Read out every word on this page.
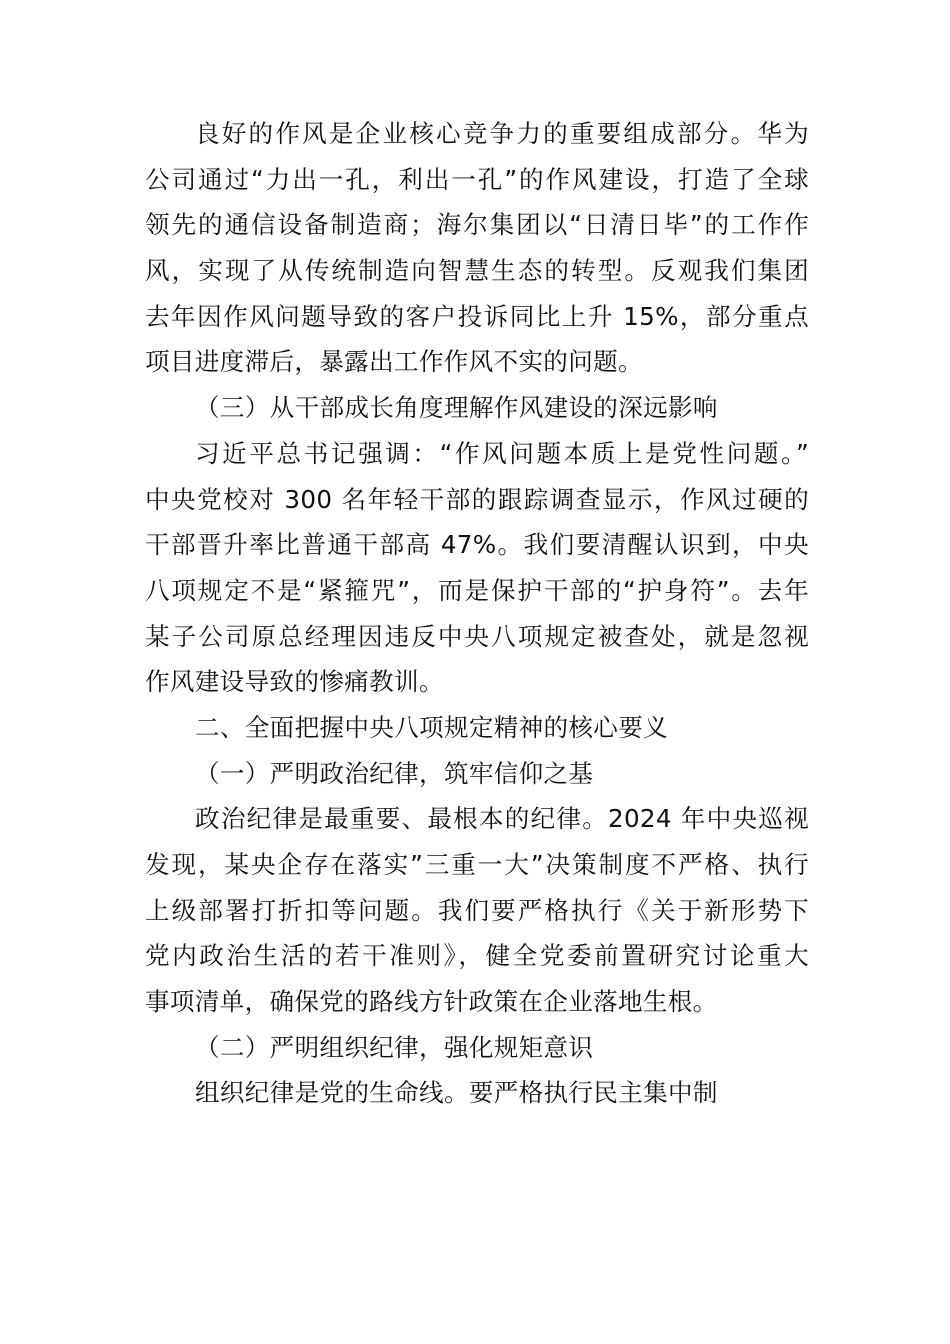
良好的作风是企业核心竞争力的重要组成部分。华为
公司通过“力出一孔，利出一孔”的作风建设，打造了全球
领先的通信设备制造商；海尔集团以“日清日毕”的工作作
风，实现了从传统制造向智慧生态的转型。反观我们集团
去年因作风问题导致的客户投诉同比上升 15%，部分重点
项目进度滞后，暴露出工作作风不实的问题。
（三）从干部成长角度理解作风建设的深远影响
习近平总书记强调：“作风问题本质上是党性问题。”
中央党校对 300 名年轻干部的跟踪调查显示，作风过硬的
干部晋升率比普通干部高 47%。我们要清醒认识到，中央
八项规定不是“紧箍咒”，而是保护干部的“护身符”。去年
某子公司原总经理因违反中央八项规定被查处，就是忽视
作风建设导致的惨痛教训。
二、全面把握中央八项规定精神的核心要义
（一）严明政治纪律，筑牢信仰之基
政治纪律是最重要、最根本的纪律。2024 年中央巡视
发现，某央企存在落实”三重一大”决策制度不严格、执行
上级部署打折扣等问题。我们要严格执行《关于新形势下
党内政治生活的若干准则》，健全党委前置研究讨论重大
事项清单，确保党的路线方针政策在企业落地生根。
（二）严明组织纪律，强化规矩意识
组织纪律是党的生命线。要严格执行民主集中制
